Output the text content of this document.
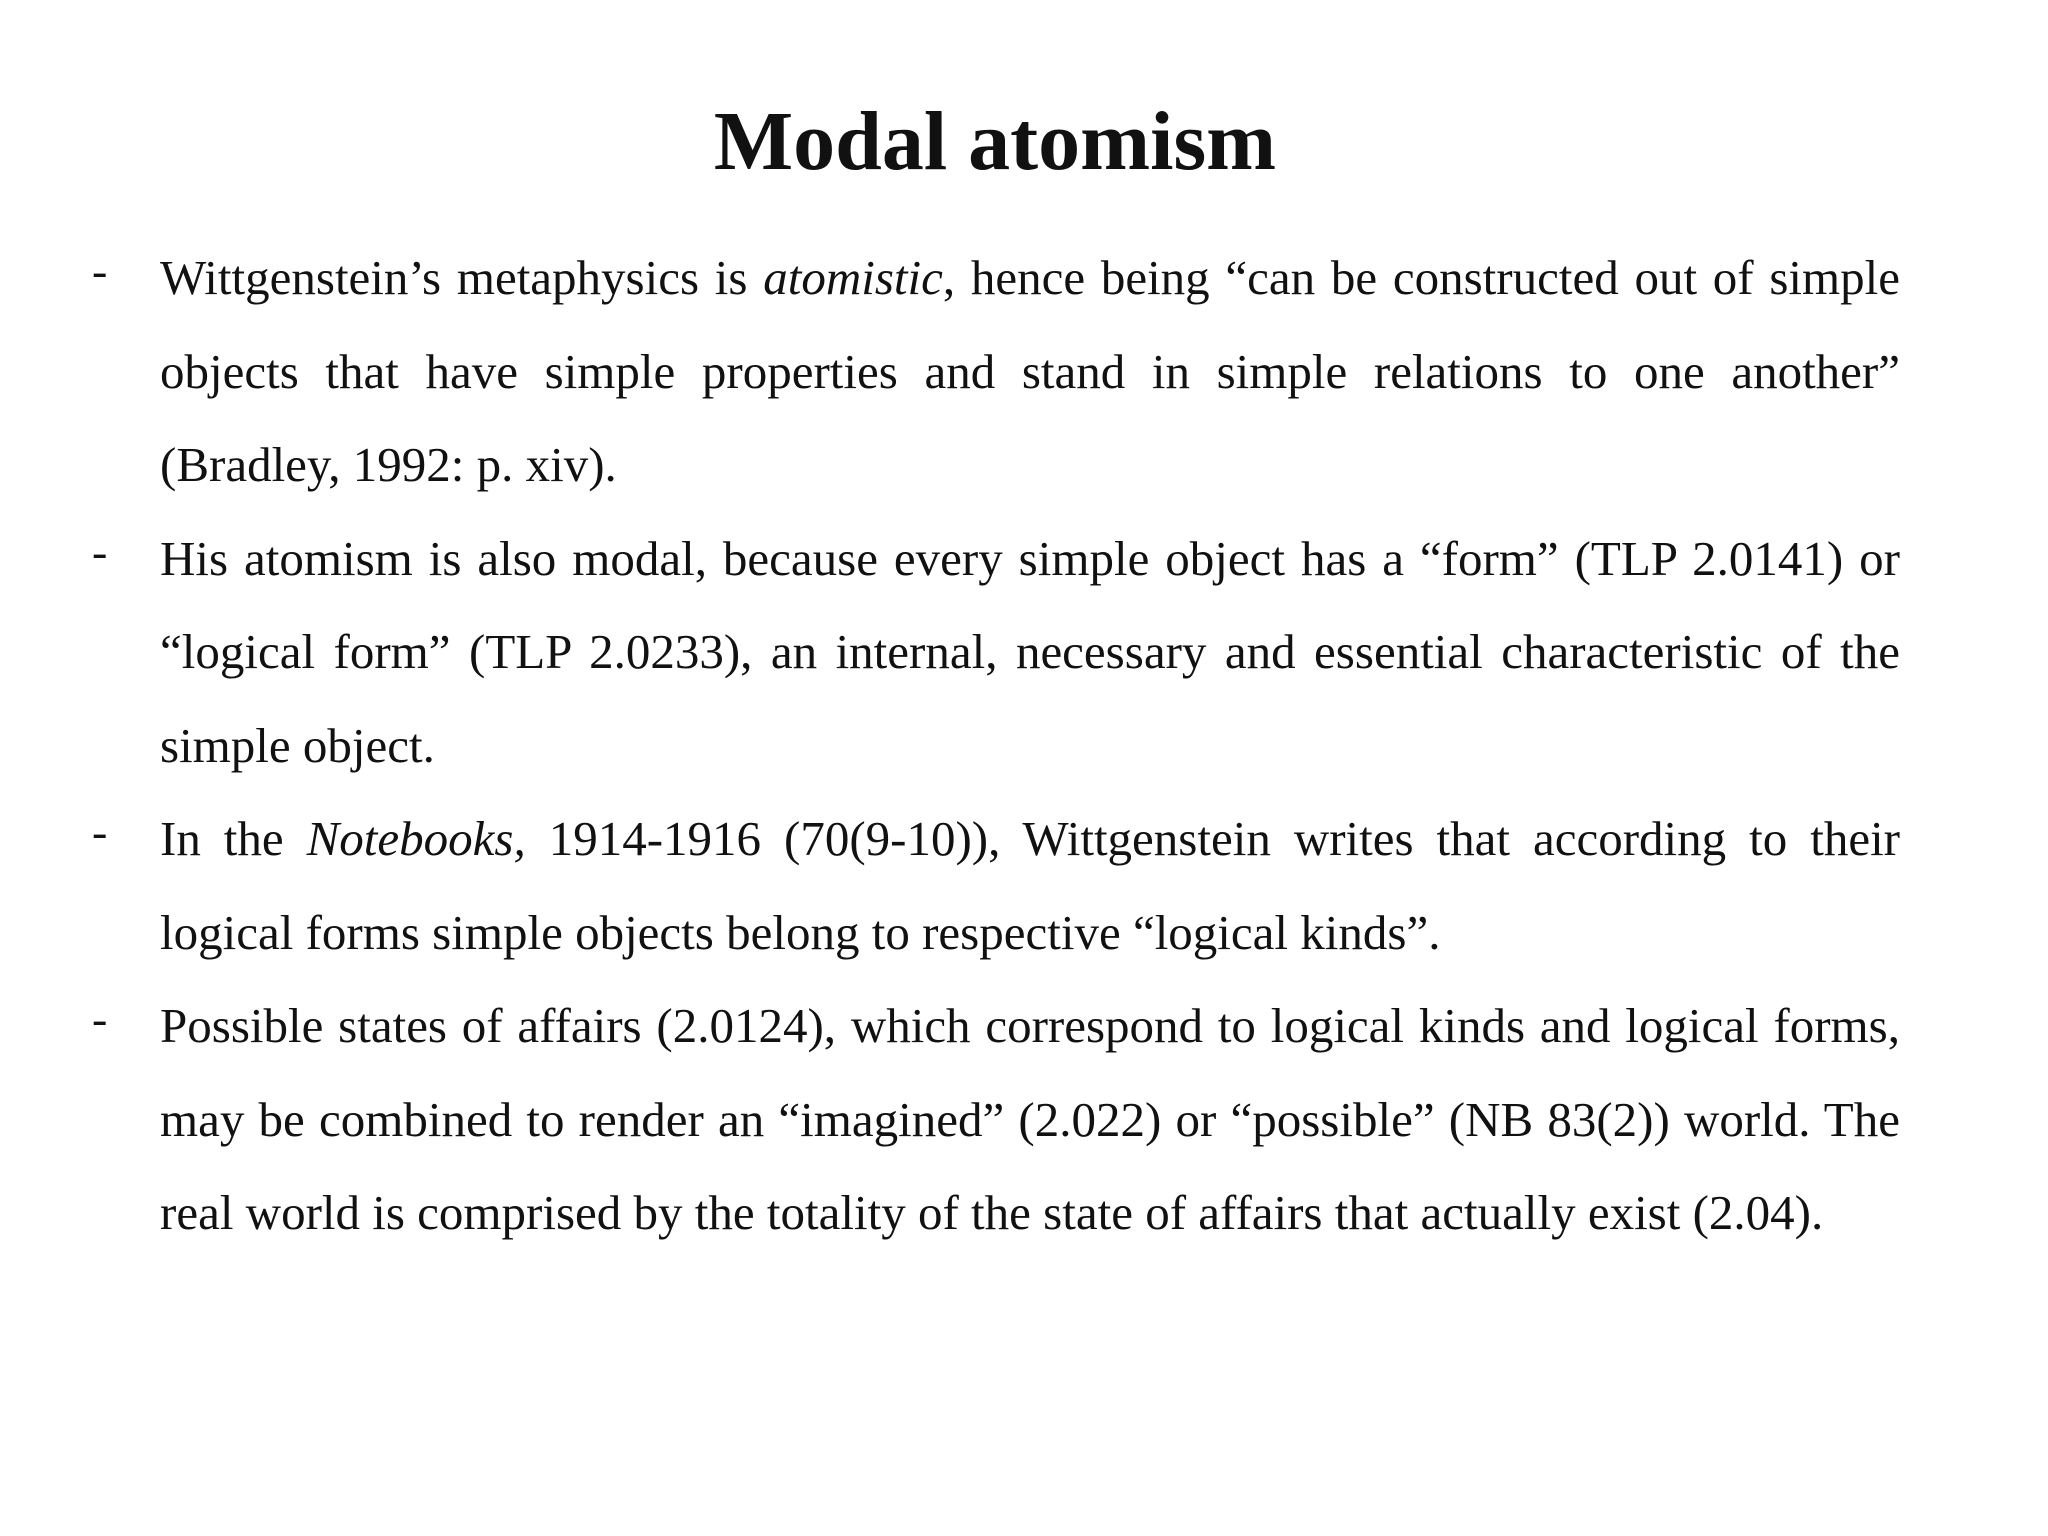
Modal atomism
- Wittgenstein’s metaphysics is atomistic, hence being “can be constructed out of simple objects that have simple properties and stand in simple relations to one another” (Bradley, 1992: p. xiv).
- His atomism is also modal, because every simple object has a “form” (TLP 2.0141) or “logical form” (TLP 2.0233), an internal, necessary and essential characteristic of the simple object.
- In the Notebooks, 1914-1916 (70(9-10)), Wittgenstein writes that according to their logical forms simple objects belong to respective “logical kinds”.
- Possible states of affairs (2.0124), which correspond to logical kinds and logical forms, may be combined to render an “imagined” (2.022) or “possible” (NB 83(2)) world. The real world is comprised by the totality of the state of affairs that actually exist (2.04).
